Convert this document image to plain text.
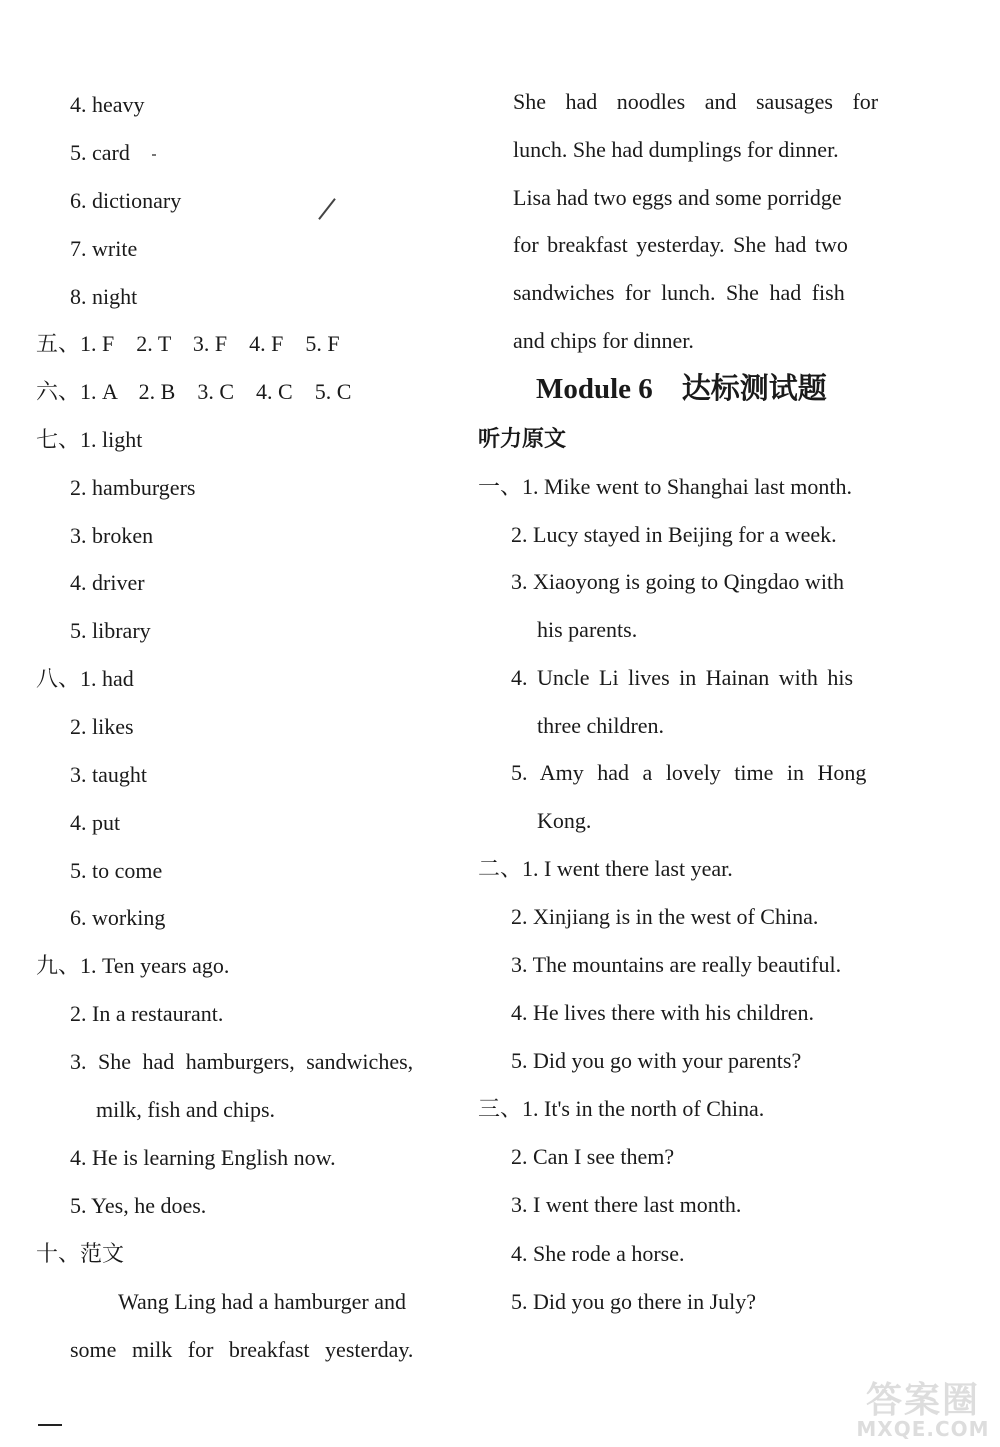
4. heavy
5. card
6. dictionary
7. write
8. night
五、1. F　2. T　3. F　4. F　5. F
六、1. A　2. B　3. C　4. C　5. C
七、1. light
2. hamburgers
3. broken
4. driver
5. library
八、1. had
2. likes
3. taught
4. put
5. to come
6. working
九、1. Ten years ago.
2. In a restaurant.
3. She had hamburgers, sandwiches,
milk, fish and chips.
4. He is learning English now.
5. Yes, he does.
十、范文
Wang Ling had a hamburger and
some milk for breakfast yesterday.
She had noodles and sausages for
lunch. She had dumplings for dinner.
Lisa had two eggs and some porridge
for breakfast yesterday. She had two
sandwiches for lunch. She had fish
and chips for dinner.
Module 6　达标测试题
听力原文
一、1. Mike went to Shanghai last month.
2. Lucy stayed in Beijing for a week.
3. Xiaoyong is going to Qingdao with
his parents.
4. Uncle Li lives in Hainan with his
three children.
5. Amy had a lovely time in Hong
Kong.
二、1. I went there last year.
2. Xinjiang is in the west of China.
3. The mountains are really beautiful.
4. He lives there with his children.
5. Did you go with your parents?
三、1. It's in the north of China.
2. Can I see them?
3. I went there last month.
4. She rode a horse.
5. Did you go there in July?
答案圈
MXQE.COM
